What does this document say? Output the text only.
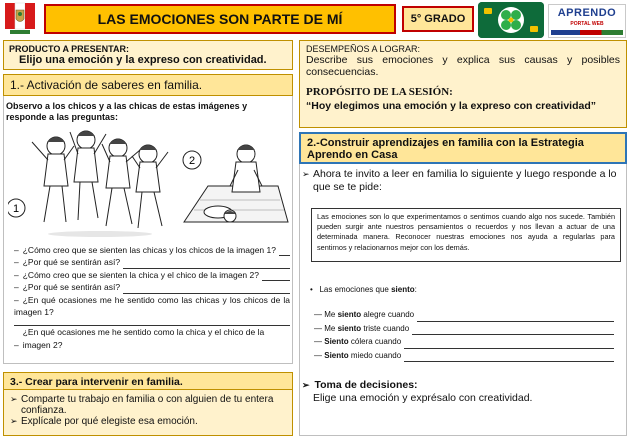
LAS EMOCIONES SON PARTE DE MÍ	5° GRADO	APRENDO
PORTAL WEB
PRODUCTO A PRESENTAR:
Elijo una emoción y la expreso con creatividad.
1.- Activación de saberes en familia.
Observo a los chicos y a las chicas de estas imágenes y responde a las preguntas:
1
2
– ¿Cómo creo que se sienten las chicas y los chicos de la imagen 1?
– ¿Por qué se sentirán así?
– ¿Cómo creo que se sienten la chica y el chico de la imagen 2?
– ¿Por qué se sentirán así?
– ¿En qué ocasiones me he sentido como las chicas y los chicos de la imagen 1?
–
¿En qué ocasiones me he sentido como la chica y el chico de la imagen 2?
3.- Crear para intervenir en familia.
➢ Comparte tu trabajo en familia o con alguien de tu entera confianza.
➢ Explícale por qué elegiste esa emoción.
DESEMPEÑOS A LOGRAR:
Describe sus emociones y explica sus causas y posibles consecuencias.
PROPÓSITO DE LA SESIÓN:
“Hoy elegimos una emoción y la expreso con creatividad”
2.-Construir aprendizajes en familia con la Estrategia Aprendo en Casa
➢ Ahora te invito a leer en familia lo siguiente y luego responde a lo que se te pide:
Las emociones son lo que experimentamos o sentimos cuando algo nos sucede. También pueden surgir ante nuestros pensamientos o recuerdos y nos llevan a actuar de una determinada manera. Reconocer nuestras emociones nos ayuda a regularlas para sentirnos y relacionarnos mejor con los demás.
• Las emociones que siento:
— Me
siento
alegre cuando
— Me
siento
triste cuando
— Siento
cólera cuando
— Siento
miedo cuando
➢ Toma de decisiones:
Elige una emoción y exprésalo con creatividad.
